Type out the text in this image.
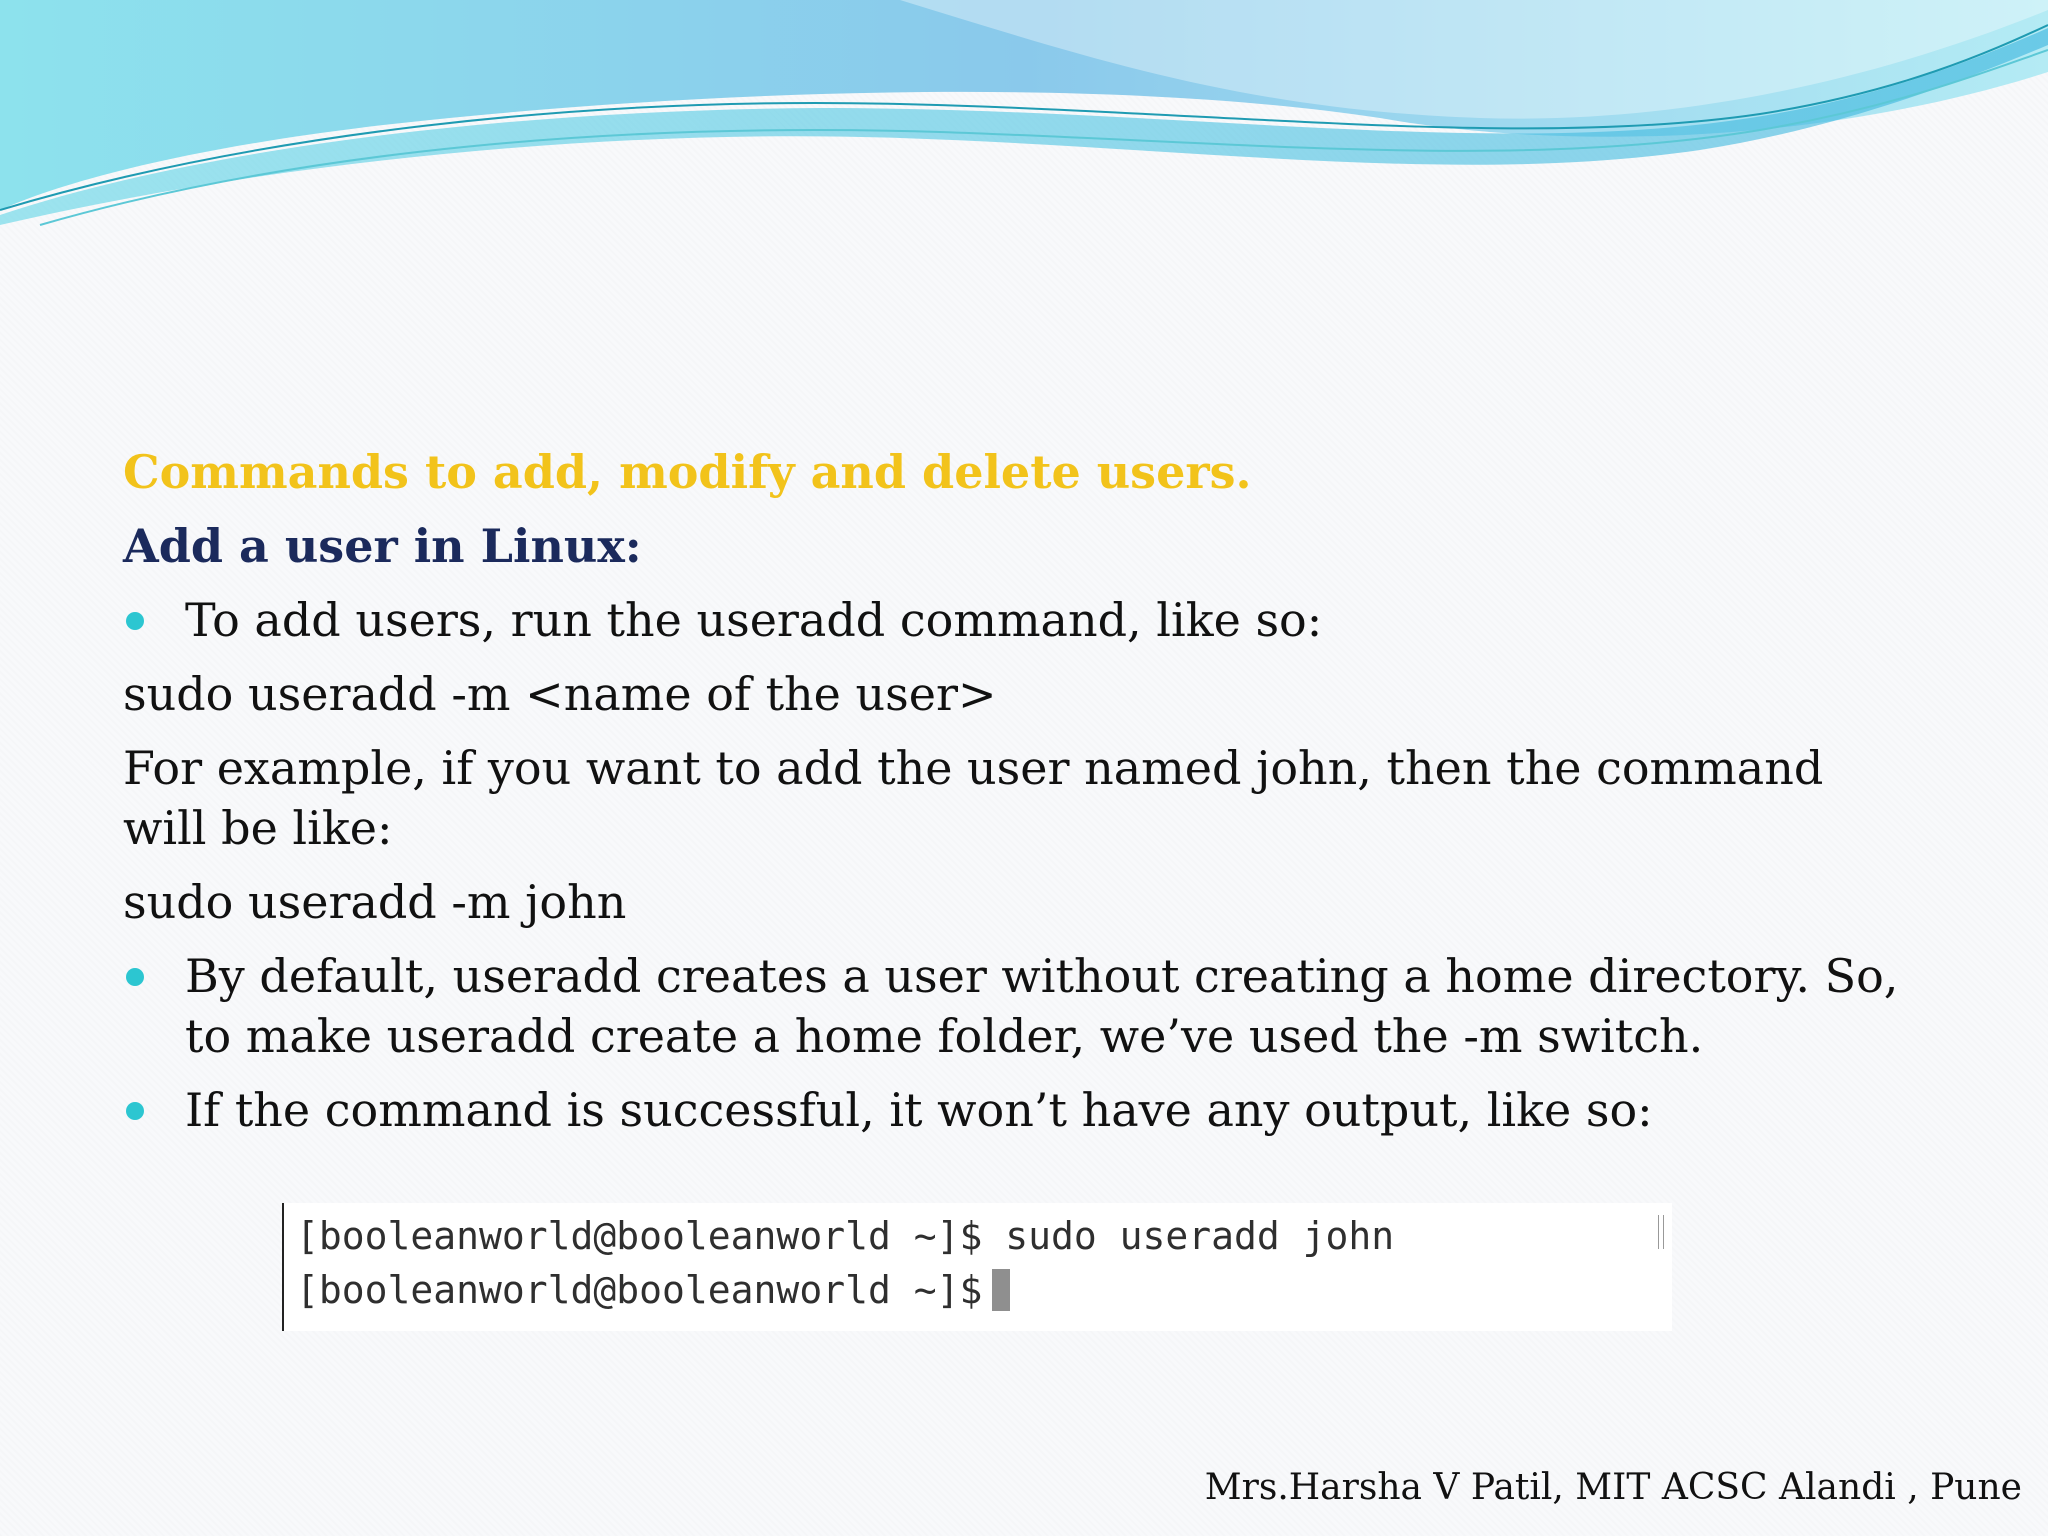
Commands to add, modify and delete users.
Add a user in Linux:
To add users, run the useradd command, like so:
sudo useradd -m <name of the user>
For example, if you want to add the user named john, then the command will be like:
sudo useradd -m john
By default, useradd creates a user without creating a home directory. So, to make useradd create a home folder, we’ve used the -m switch.
If the command is successful, it won’t have any output, like so:
[booleanworld@booleanworld ~]$ sudo useradd john
[booleanworld@booleanworld ~]$
Mrs.Harsha V Patil, MIT ACSC Alandi , Pune
